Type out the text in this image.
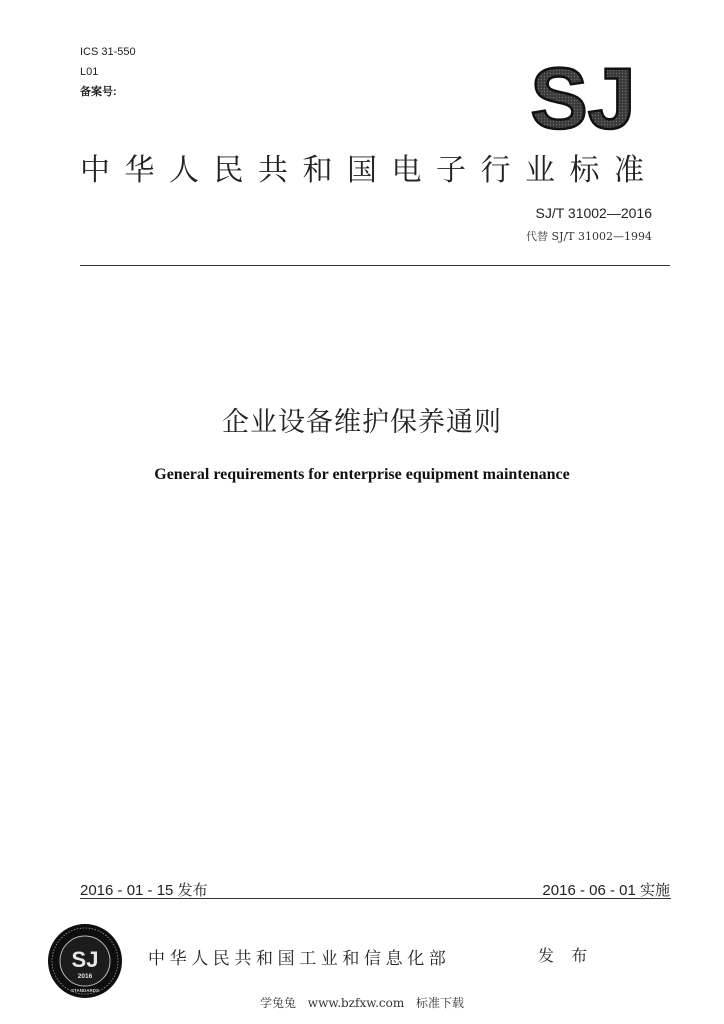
ICS 31-550
L01
备案号:	SJ
中华人民共和国电子行业标准
SJ/T 31002—2016
代替 SJ/T 31002—1994
企业设备维护保养通则
General requirements for enterprise equipment maintenance
2016 - 01 - 15 发布	2016 - 06 - 01 实施
SJ
2016
STANDARDS
中华人民共和国工业和信息化部	发 布
学兔兔 www.bzfxw.com 标准下载
